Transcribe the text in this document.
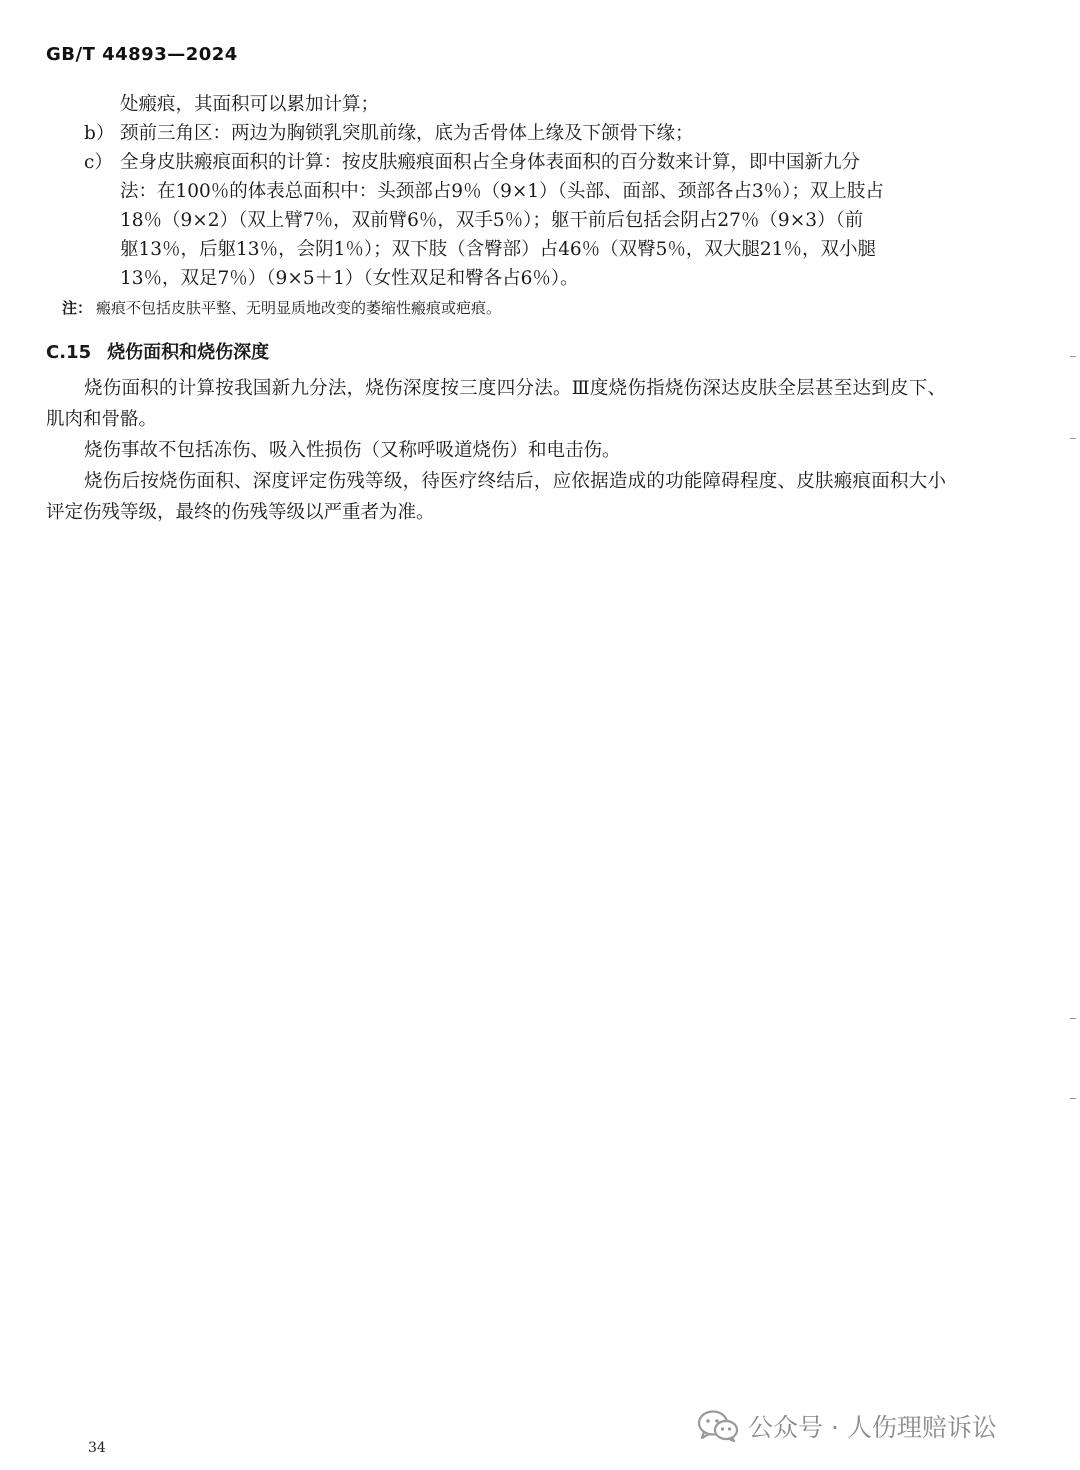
GB/T 44893—2024
处瘢痕，其面积可以累加计算；
b） 颈前三角区：两边为胸锁乳突肌前缘，底为舌骨体上缘及下颌骨下缘；
c） 全身皮肤瘢痕面积的计算：按皮肤瘢痕面积占全身体表面积的百分数来计算，即中国新九分
法：在100％的体表总面积中：头颈部占9％（9×1）（头部、面部、颈部各占3％）；双上肢占
18％（9×2）（双上臂7％，双前臂6％，双手5％）；躯干前后包括会阴占27％（9×3）（前
躯13％，后躯13％，会阴1％）；双下肢（含臀部）占46％（双臀5％，双大腿21％，双小腿
13％，双足7％）（9×5＋1）（女性双足和臀各占6％）。
注： 瘢痕不包括皮肤平整、无明显质地改变的萎缩性瘢痕或疤痕。
C.15 烧伤面积和烧伤深度

烧伤面积的计算按我国新九分法，烧伤深度按三度四分法。Ⅲ度烧伤指烧伤深达皮肤全层甚至达到皮下、肌肉和骨骼。

烧伤事故不包括冻伤、吸入性损伤（又称呼吸道烧伤）和电击伤。

烧伤后按烧伤面积、深度评定伤残等级，待医疗终结后，应依据造成的功能障碍程度、皮肤瘢痕面积大小评定伤残等级，最终的伤残等级以严重者为准。

34
公众号 · 人伤理赔诉讼
